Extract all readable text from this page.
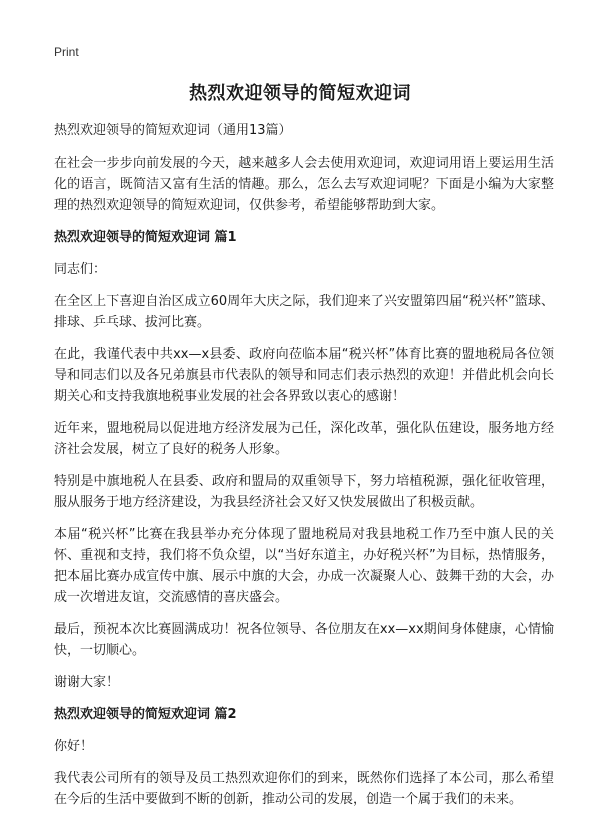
Print
热烈欢迎领导的简短欢迎词

热烈欢迎领导的简短欢迎词（通用13篇）

在社会一步步向前发展的今天，越来越多人会去使用欢迎词，欢迎词用语上要运用生活化的语言，既简洁又富有生活的情趣。那么，怎么去写欢迎词呢？下面是小编为大家整理的热烈欢迎领导的简短欢迎词，仅供参考，希望能够帮助到大家。

热烈欢迎领导的简短欢迎词 篇1

同志们：

在全区上下喜迎自治区成立60周年大庆之际，我们迎来了兴安盟第四届“税兴杯”篮球、排球、乒乓球、拔河比赛。

在此，我谨代表中共xx—x县委、政府向莅临本届“税兴杯”体育比赛的盟地税局各位领导和同志们以及各兄弟旗县市代表队的领导和同志们表示热烈的欢迎！并借此机会向长期关心和支持我旗地税事业发展的社会各界致以衷心的感谢！

近年来，盟地税局以促进地方经济发展为己任，深化改革，强化队伍建设，服务地方经济社会发展，树立了良好的税务人形象。

特别是中旗地税人在县委、政府和盟局的双重领导下，努力培植税源，强化征收管理，服从服务于地方经济建设，为我县经济社会又好又快发展做出了积极贡献。

本届“税兴杯”比赛在我县举办充分体现了盟地税局对我县地税工作乃至中旗人民的关怀、重视和支持，我们将不负众望，以“当好东道主，办好税兴杯”为目标，热情服务，把本届比赛办成宣传中旗、展示中旗的大会，办成一次凝聚人心、鼓舞干劲的大会，办成一次增进友谊，交流感情的喜庆盛会。

最后，预祝本次比赛圆满成功！祝各位领导、各位朋友在xx—xx期间身体健康，心情愉快，一切顺心。

谢谢大家！

热烈欢迎领导的简短欢迎词 篇2

你好！

我代表公司所有的领导及员工热烈欢迎你们的到来，既然你们选择了本公司，那么希望在今后的生活中要做到不断的创新，推动公司的发展，创造一个属于我们的未来。
